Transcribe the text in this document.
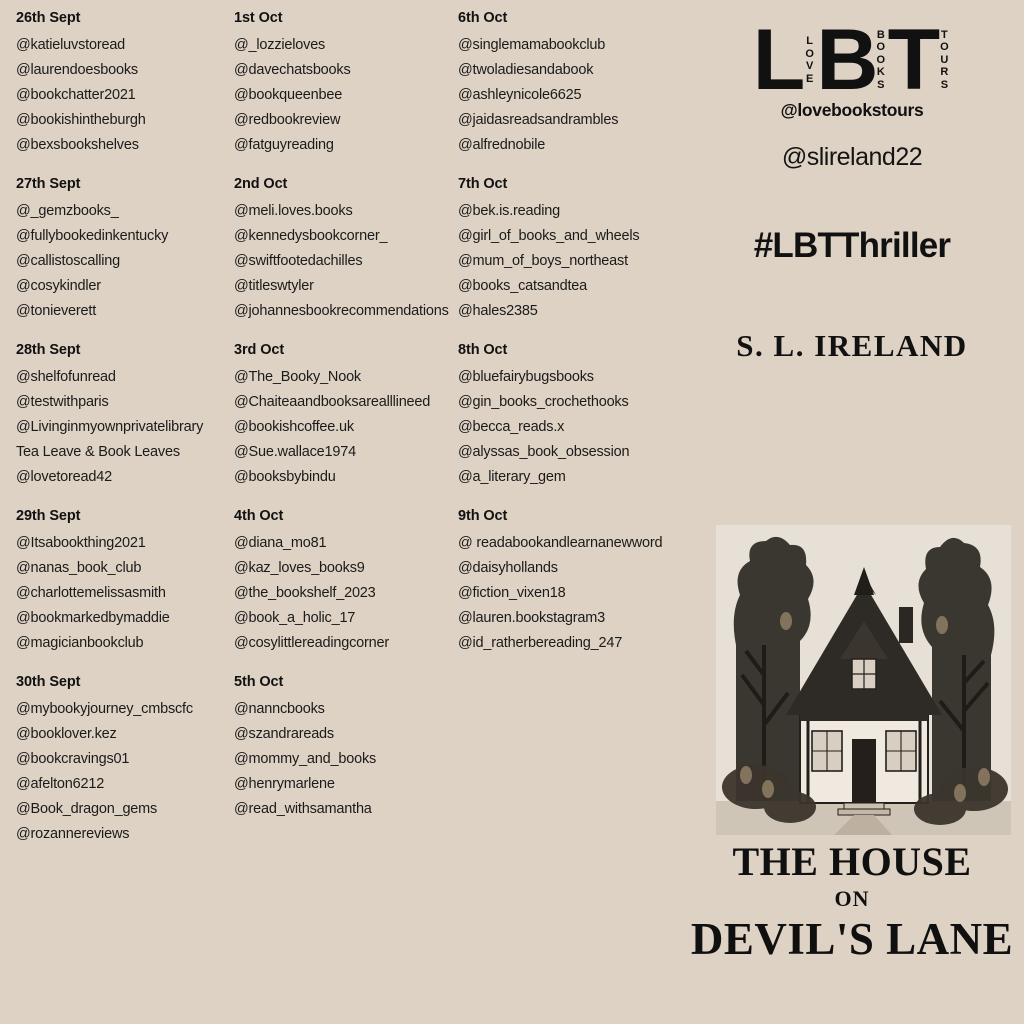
26th Sept
@katieluvstoread
@laurendoesbooks
@bookchatter2021
@bookishintheburgh
@bexsbookshelves
27th Sept
@_gemzbooks_
@fullybookedinkentucky
@callistoscalling
@cosykindler
@tonieverett
28th Sept
@shelfofunread
@testwithparis
@Livinginmyownprivatelibrary
Tea Leave & Book Leaves
@lovetoread42
29th Sept
@Itsabookthing2021
@nanas_book_club
@charlottemelissasmith
@bookmarkedbymaddie
@magicianbookclub
30th Sept
@mybookyjourney_cmbscfc
@booklover.kez
@bookcravings01
@afelton6212
@Book_dragon_gems
@rozannereviews
1st Oct
@_lozzieloves
@davechatsbooks
@bookqueenbee
@redbookreview
@fatguyreading
2nd Oct
@meli.loves.books
@kennedysbookcorner_
@swiftfootedachilles
@titleswtyler
@johannesbookrecommendations
3rd Oct
@The_Booky_Nook
@Chaiteaandbooksarealllineed
@bookishcoffee.uk
@Sue.wallace1974
@booksbybindu
4th Oct
@diana_mo81
@kaz_loves_books9
@the_bookshelf_2023
@book_a_holic_17
@cosylittlereadingcorner
5th Oct
@nanncbooks
@szandrareads
@mommy_and_books
@henrymarlene
@read_withsamantha
6th Oct
@singlemamabookclub
@twoladiesandabook
@ashleynicole6625
@jaidasreadsandrambles
@alfrednobile
7th Oct
@bek.is.reading
@girl_of_books_and_wheels
@mum_of_boys_northeast
@books_catsandtea
@hales2385
8th Oct
@bluefairybugsbooks
@gin_books_crochethooks
@becca_reads.x
@alyssas_book_obsession
@a_literary_gem
9th Oct
@ readabookandlearnanewword
@daisyhollands
@fiction_vixen18
@lauren.bookstagram3
@id_ratherbereading_247
L L
O
V
E B B
O
O
K
S T T
O
U
R
S
@lovebookstours
@slireland22
#LBTThriller
S. L. IRELAND
THE HOUSE
ON
DEVIL'S LANE
